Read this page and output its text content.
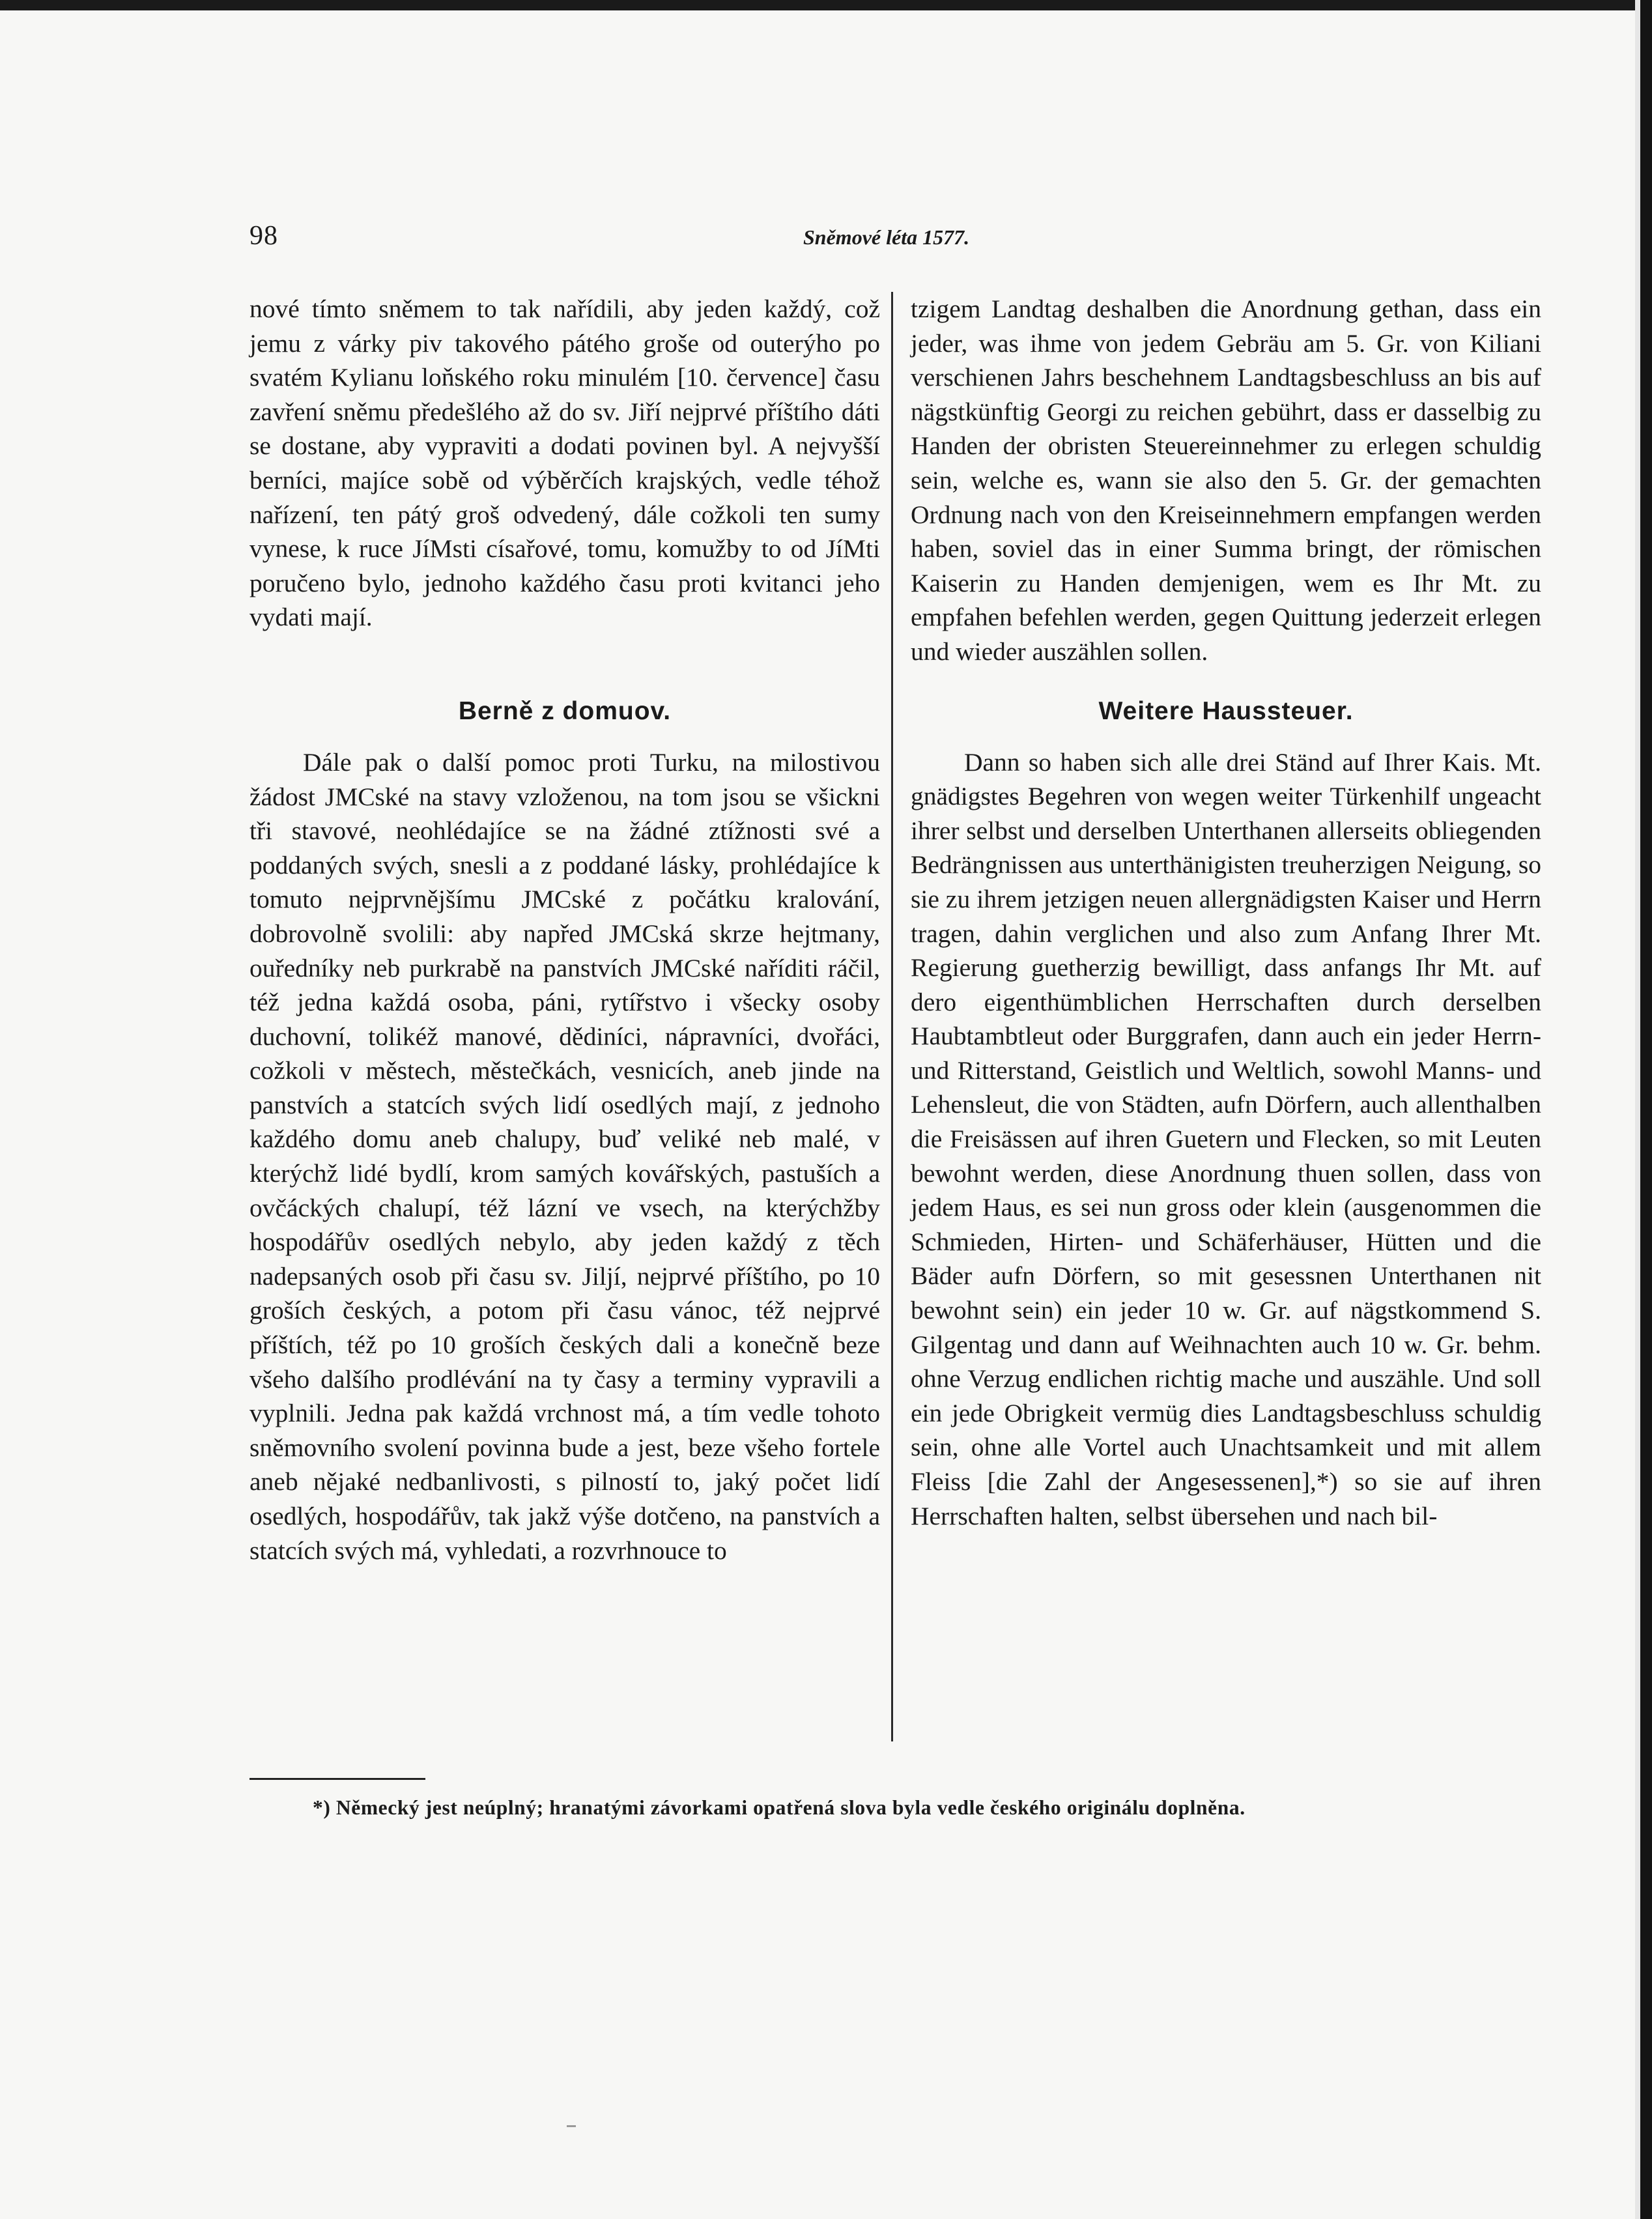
98	Sněmové léta 1577.

nové tímto sněmem to tak nařídili, aby jeden každý, což jemu z várky piv takového pátého groše od outerýho po svatém Kylianu loňského roku minulém [10. července] času zavření sněmu předešlého až do sv. Jiří nejprvé příštího dáti se dostane, aby vypraviti a dodati povinen byl. A nejvyšší berníci, majíce sobě od výběrčích krajských, vedle téhož nařízení, ten pátý groš odvedený, dále cožkoli ten sumy vynese, k ruce JíMsti císařové, tomu, komužby to od JíMti poručeno bylo, jednoho každého času proti kvitanci jeho vydati mají.

Berně z domuov.

Dále pak o další pomoc proti Turku, na milostivou žádost JMCské na stavy vzloženou, na tom jsou se všickni tři stavové, neohlédajíce se na žádné ztížnosti své a poddaných svých, snesli a z poddané lásky, prohlédajíce k tomuto nejprvnějšímu JMCské z počátku kralování, dobrovolně svolili: aby napřed JMCská skrze hejtmany, ouředníky neb purkrabě na panstvích JMCské naříditi ráčil, též jedna každá osoba, páni, rytířstvo i všecky osoby duchovní, tolikéž manové, dědiníci, nápravníci, dvořáci, cožkoli v městech, městečkách, vesnicích, aneb jinde na panstvích a statcích svých lidí osedlých mají, z jednoho každého domu aneb chalupy, buď veliké neb malé, v kterýchž lidé bydlí, krom samých kovářských, pastuších a ovčáckých chalupí, též lázní ve vsech, na kterýchžby hospodářův osedlých nebylo, aby jeden každý z těch nadepsaných osob při času sv. Jiljí, nejprvé příštího, po 10 groších českých, a potom při času vánoc, též nejprvé příštích, též po 10 groších českých dali a konečně beze všeho dalšího prodlévání na ty časy a terminy vypravili a vyplnili. Jedna pak každá vrchnost má, a tím vedle tohoto sněmovního svolení povinna bude a jest, beze všeho fortele aneb nějaké nedbanlivosti, s pilností to, jaký počet lidí osedlých, hospodářův, tak jakž výše dotčeno, na panstvích a statcích svých má, vyhledati, a rozvrhnouce to

tzigem Landtag deshalben die Anordnung gethan, dass ein jeder, was ihme von jedem Gebräu am 5. Gr. von Kiliani verschienen Jahrs beschehnem Landtagsbeschluss an bis auf nägstkünftig Georgi zu reichen gebührt, dass er dasselbig zu Handen der obristen Steuereinnehmer zu erlegen schuldig sein, welche es, wann sie also den 5. Gr. der gemachten Ordnung nach von den Kreiseinnehmern empfangen werden haben, soviel das in einer Summa bringt, der römischen Kaiserin zu Handen demjenigen, wem es Ihr Mt. zu empfahen befehlen werden, gegen Quittung jederzeit erlegen und wieder auszählen sollen.

Weitere Haussteuer.

Dann so haben sich alle drei Ständ auf Ihrer Kais. Mt. gnädigstes Begehren von wegen weiter Türkenhilf ungeacht ihrer selbst und derselben Unterthanen allerseits obliegenden Bedrängnissen aus unterthänigisten treuherzigen Neigung, so sie zu ihrem jetzigen neuen allergnädigsten Kaiser und Herrn tragen, dahin verglichen und also zum Anfang Ihrer Mt. Regierung guetherzig bewilligt, dass anfangs Ihr Mt. auf dero eigenthümblichen Herrschaften durch derselben Haubtambtleut oder Burggrafen, dann auch ein jeder Herrn- und Ritterstand, Geistlich und Weltlich, sowohl Manns- und Lehensleut, die von Städten, aufn Dörfern, auch allenthalben die Freisässen auf ihren Guetern und Flecken, so mit Leuten bewohnt werden, diese Anordnung thuen sollen, dass von jedem Haus, es sei nun gross oder klein (ausgenommen die Schmieden, Hirten- und Schäferhäuser, Hütten und die Bäder aufn Dörfern, so mit gesessnen Unterthanen nit bewohnt sein) ein jeder 10 w. Gr. auf nägstkommend S. Gilgentag und dann auf Weihnachten auch 10 w. Gr. behm. ohne Verzug endlichen richtig mache und auszähle. Und soll ein jede Obrigkeit vermüg dies Landtagsbeschluss schuldig sein, ohne alle Vortel auch Unachtsamkeit und mit allem Fleiss [die Zahl der Angesessenen],*) so sie auf ihren Herrschaften halten, selbst übersehen und nach bil-

*) Německý jest neúplný; hranatými závorkami opatřená slova byla vedle českého originálu doplněna.
